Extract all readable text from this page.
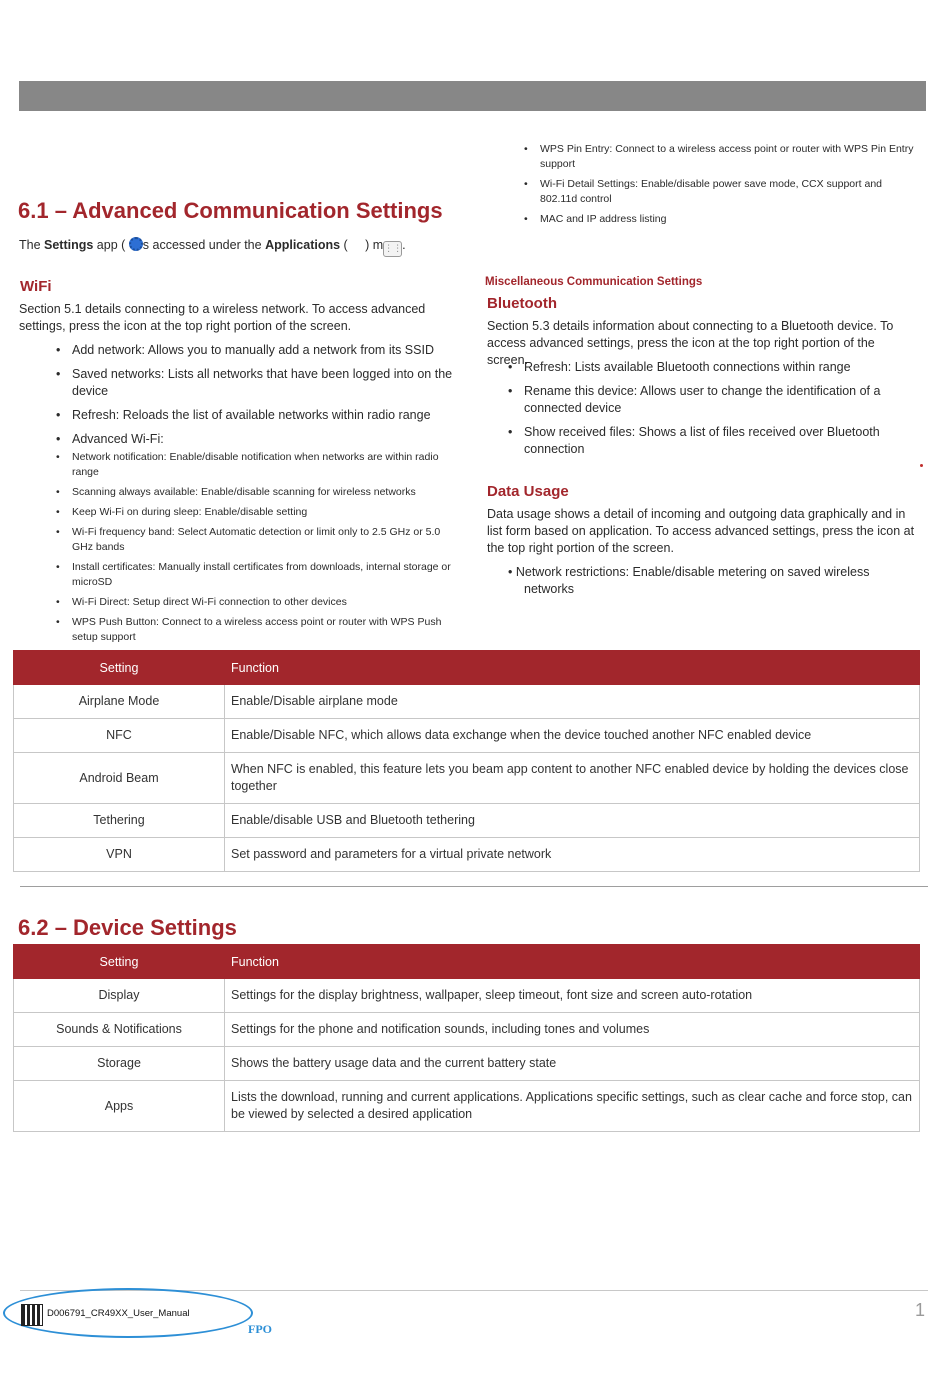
• WPS Pin Entry: Connect to a wireless access point or router with WPS Pin Entry support
• Wi-Fi Detail Settings: Enable/disable power save mode, CCX support and 802.11d control
• MAC and IP address listing
6.1 – Advanced Communication Settings
The Settings app ( s accessed under the Applications (     ) m⋮⋮.
WiFi
Section 5.1 details connecting to a wireless network. To access advanced settings, press the icon at the top right portion of the screen.
• Add network: Allows you to manually add a network from its SSID
• Saved networks: Lists all networks that have been logged into on the device
• Refresh: Reloads the list of available networks within radio range
• Advanced Wi-Fi:
• Network notification: Enable/disable notification when networks are within radio range
• Scanning always available: Enable/disable scanning for wireless networks
• Keep Wi-Fi on during sleep: Enable/disable setting
• Wi-Fi frequency band: Select Automatic detection or limit only to 2.5 GHz or 5.0 GHz bands
• Install certificates: Manually install certificates from downloads, internal storage or microSD
• Wi-Fi Direct: Setup direct Wi-Fi connection to other devices
• WPS Push Button: Connect to a wireless access point or router with WPS Push setup support
Miscellaneous Communication Settings
Bluetooth
Section 5.3 details information about connecting to a Bluetooth device. To access advanced settings, press the icon at the top right portion of the screen.
• Refresh: Lists available Bluetooth connections within range
• Rename this device: Allows user to change the identification of a connected device
• Show received files: Shows a list of files received over Bluetooth connection
Data Usage
Data usage shows a detail of incoming and outgoing data graphically and in list form based on application. To access advanced settings, press the icon at the top right portion of the screen.
• Network restrictions: Enable/disable metering on saved wireless networks
Setting	Function
Airplane Mode	Enable/Disable airplane mode
NFC	Enable/Disable NFC, which allows data exchange when the device touched another NFC enabled device
Android Beam	When NFC is enabled, this feature lets you beam app content to another NFC enabled device by holding the devices close together
Tethering	Enable/disable USB and Bluetooth tethering
VPN	Set password and parameters for a virtual private network
6.2 – Device Settings
Setting	Function
Display	Settings for the display brightness, wallpaper, sleep timeout, font size and screen auto-rotation
Sounds & Notifications	Settings for the phone and notification sounds, including tones and volumes
Storage	Shows the battery usage data and the current battery state
Apps	Lists the download, running and current applications. Applications specific settings, such as clear cache and force stop, can be viewed by selected a desired application
D006791_CR49XX_User_Manual
FPO
1
